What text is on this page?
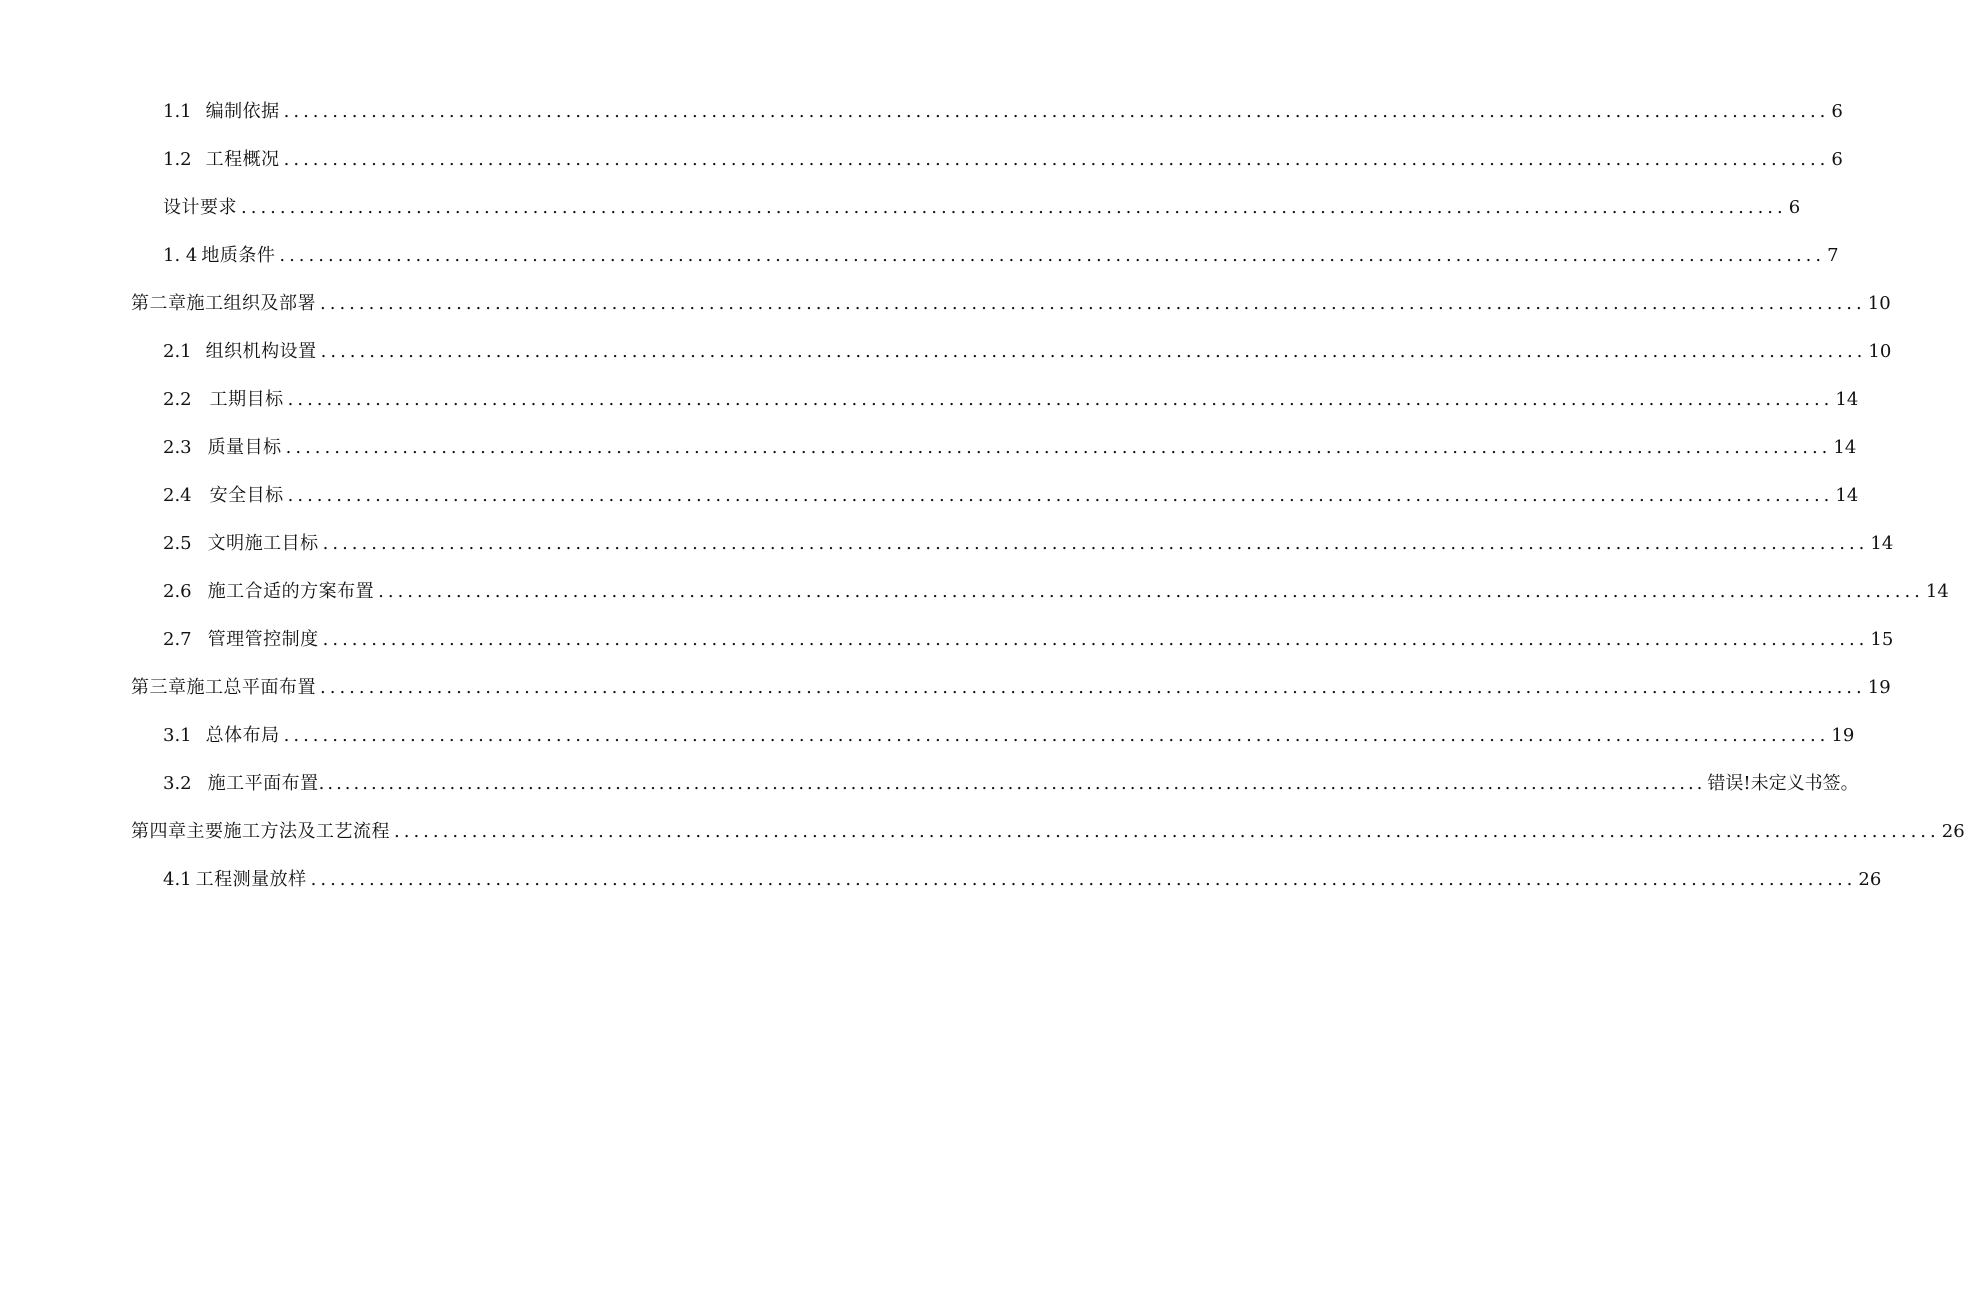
1.1 编制依据 ............................................................................................................................................................... 6
1.2 工程概况 ............................................................................................................................................................... 6
设计要求 ............................................................................................................................................................... 6
1. 4 地质条件 ............................................................................................................................................................... 7
第二章施工组织及部署 ............................................................................................................................................................... 10
2.1 组织机构设置 ............................................................................................................................................................... 10
2.2	工期目标 ............................................................................................................................................................... 14
2.3 质量目标 ............................................................................................................................................................... 14
2.4	安全目标 ............................................................................................................................................................... 14
2.5 文明施工目标 ............................................................................................................................................................... 14
2.6 施工合适的方案布置 ............................................................................................................................................................... 14
2.7 管理管控制度 ............................................................................................................................................................... 15
第三章施工总平面布置 ............................................................................................................................................................... 19
3.1 总体布局 ............................................................................................................................................................... 19
3.2 施工平面布置 ............................................................................................................................................................... 错误!未定义书签。
第四章主要施工方法及工艺流程 ............................................................................................................................................................... 26
4.1 工程测量放样 ............................................................................................................................................................... 26
